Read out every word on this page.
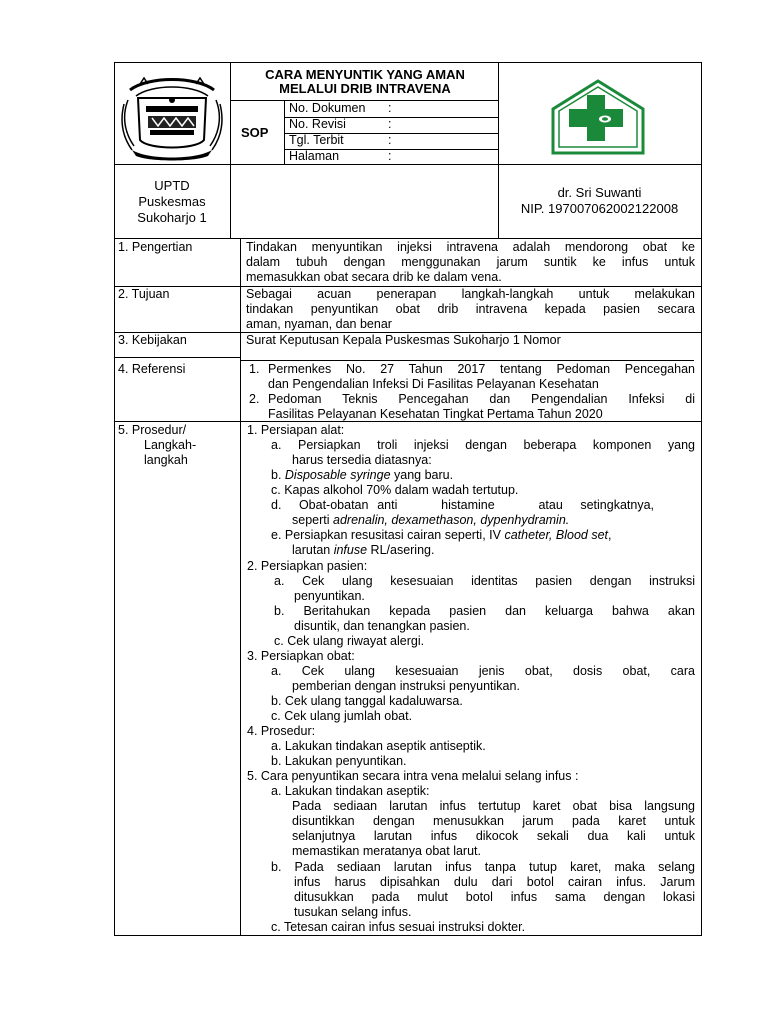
CARA MENYUNTIK YANG AMAN
MELALUI DRIB INTRAVENA
SOP
No. Dokumen :
No. Revisi	:
Tgl. Terbit	:
Halaman	:
UPTD
Puskesmas
Sukoharjo 1
dr. Sri Suwanti
NIP. 197007062002122008
1. Pengertian	Tindakan menyuntikan injeksi intravena adalah mendorong obat ke
dalam tubuh dengan menggunakan jarum suntik ke infus untuk
memasukkan obat secara drib ke dalam vena.
2. Tujuan	Sebagai acuan penerapan langkah-langkah untuk melakukan
tindakan penyuntikan obat drib intravena kepada pasien secara
aman, nyaman, dan benar
3. Kebijakan	Surat Keputusan Kepala Puskesmas Sukoharjo 1 Nomor
4. Referensi	1. Permenkes No. 27 Tahun 2017 tentang Pedoman Pencegahan
dan Pengendalian Infeksi Di Fasilitas Pelayanan Kesehatan
2. Pedoman Teknis Pencegahan dan Pengendalian Infeksi di
Fasilitas Pelayanan Kesehatan Tingkat Pertama Tahun 2020
5. Prosedur/
Langkah-
langkah
1. Persiapan alat:
a. Persiapkan troli injeksi dengan beberapa komponen yang
harus tersedia diatasnya:
b. Disposable syringe yang baru.
c. Kapas alkohol 70% dalam wadah tertutup.
d.  Obat-obatan anti     histamine     atau  setingkatnya,
seperti adrenalin, dexamethason, dypenhydramin.
e. Persiapkan resusitasi cairan seperti, IV catheter, Blood set,
larutan infuse RL/asering.
2. Persiapkan pasien:
a. Cek ulang kesesuaian identitas pasien dengan instruksi
penyuntikan.
b. Beritahukan kepada pasien dan keluarga bahwa akan
disuntik, dan tenangkan pasien.
c. Cek ulang riwayat alergi.
3. Persiapkan obat:
a. Cek ulang kesesuaian jenis obat, dosis obat, cara
pemberian dengan instruksi penyuntikan.
b. Cek ulang tanggal kadaluwarsa.
c. Cek ulang jumlah obat.
4. Prosedur:
a. Lakukan tindakan aseptik antiseptik.
b. Lakukan penyuntikan.
5. Cara penyuntikan secara intra vena melalui selang infus :
a. Lakukan tindakan aseptik:
Pada sediaan larutan infus tertutup karet obat bisa langsung
disuntikkan dengan menusukkan jarum pada karet untuk
selanjutnya larutan infus dikocok sekali dua kali untuk
memastikan meratanya obat larut.
b. Pada sediaan larutan infus tanpa tutup karet, maka selang
infus harus dipisahkan dulu dari botol cairan infus. Jarum
ditusukkan pada mulut botol infus sama dengan lokasi
tusukan selang infus.
c. Tetesan cairan infus sesuai instruksi dokter.
